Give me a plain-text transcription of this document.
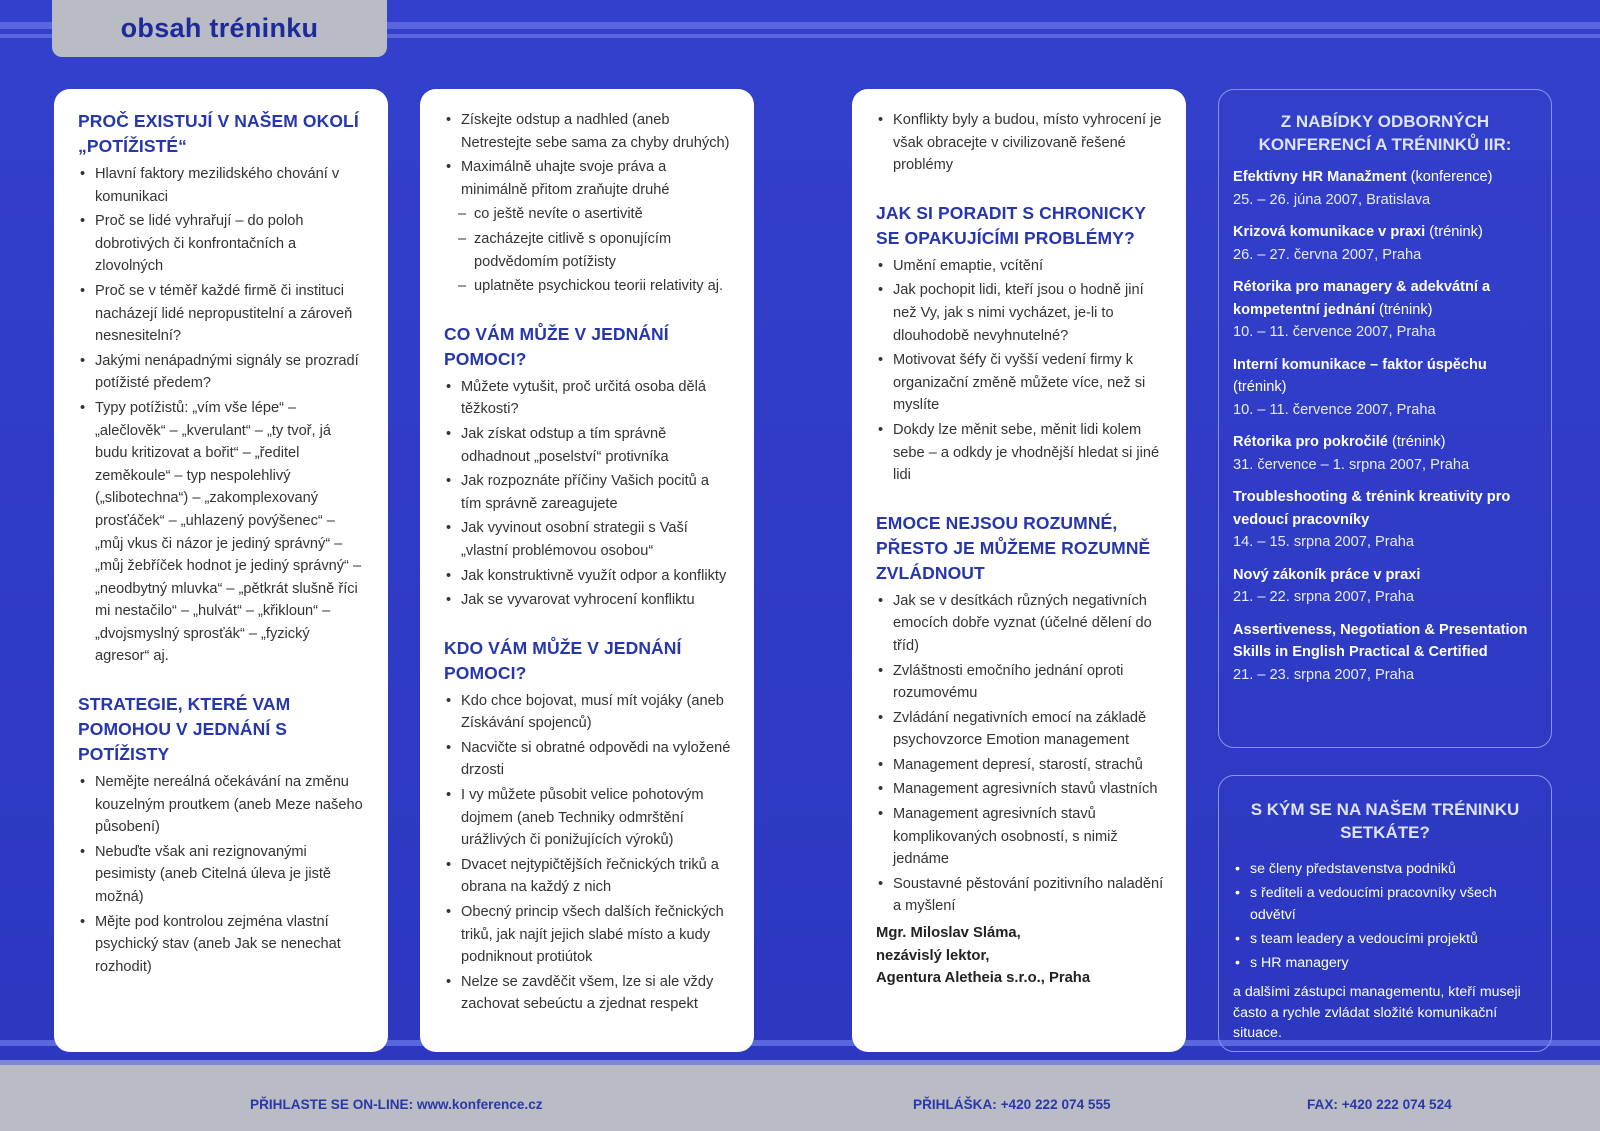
obsah tréninku
PROČ EXISTUJÍ V NAŠEM OKOLÍ „POTÍŽISTÉ“
• Hlavní faktory mezilidského chování v komunikaci
• Proč se lidé vyhrařují – do poloh dobrotivých či konfrontačních a zlovolných
• Proč se v téměř každé firmě či instituci nacházejí lidé nepropustitelní a zároveň nesnesitelní?
• Jakými nenápadnými signály se prozradí potížisté předem?
• Typy potížistů: „vím vše lépe“ – „alečlověk“ – „kverulant“ – „ty tvoř, já budu kritizovat a bořit“ – „ředitel zeměkoule“ – typ nespolehlivý („slibotechna“) – „zakomplexovaný prosťáček“ – „uhlazený povýšenec“ – „můj vkus či názor je jediný správný“ – „můj žebříček hodnot je jediný správný“ – „neodbytný mluvka“ – „pětkrát slušně říci mi nestačilo“ – „hulvát“ – „křikloun“ – „dvojsmyslný sprosťák“ – „fyzický agresor“ aj.
STRATEGIE, KTERÉ VAM POMOHOU V JEDNÁNÍ S POTÍŽISTY
• Nemějte nereálná očekávání na změnu kouzelným proutkem (aneb Meze našeho působení)
• Nebuďte však ani rezignovanými pesimisty (aneb Citelná úleva je jistě možná)
• Mějte pod kontrolou zejména vlastní psychický stav (aneb Jak se nenechat rozhodit)
• Získejte odstup a nadhled (aneb Netrestejte sebe sama za chyby druhých)
• Maximálně uhajte svoje práva a minimálně přitom zraňujte druhé
– co ještě nevíte o asertivitě
– zacházejte citlivě s oponujícím podvědomím potížisty
– uplatněte psychickou teorii relativity aj.
CO VÁM MŮŽE V JEDNÁNÍ POMOCI?
• Můžete vytušit, proč určitá osoba dělá těžkosti?
• Jak získat odstup a tím správně odhadnout „poselství“ protivníka
• Jak rozpoznáte příčiny Vašich pocitů a tím správně zareagujete
• Jak vyvinout osobní strategii s Vaší „vlastní problémovou osobou“
• Jak konstruktivně využít odpor a konflikty
• Jak se vyvarovat vyhrocení konfliktu
KDO VÁM MŮŽE V JEDNÁNÍ POMOCI?
• Kdo chce bojovat, musí mít vojáky (aneb Získávání spojenců)
• Nacvičte si obratné odpovědi na vyložené drzosti
• I vy můžete působit velice pohotovým dojmem (aneb Techniky odmrštění urážlivých či ponižujících výroků)
• Dvacet nejtypičtějších řečnických triků a obrana na každý z nich
• Obecný princip všech dalších řečnických triků, jak najít jejich slabé místo a kudy podniknout protiútok
• Nelze se zavděčit všem, lze si ale vždy zachovat sebeúctu a zjednat respekt
• Konflikty byly a budou, místo vyhrocení je však obracejte v civilizovaně řešené problémy
JAK SI PORADIT S CHRONICKY SE OPAKUJÍCÍMI PROBLÉMY?
• Umění emaptie, vcítění
• Jak pochopit lidi, kteří jsou o hodně jiní než Vy, jak s nimi vycházet, je-li to dlouhodobě nevyhnutelné?
• Motivovat šéfy či vyšší vedení firmy k organizační změně můžete více, než si myslíte
• Dokdy lze měnit sebe, měnit lidi kolem sebe – a odkdy je vhodnější hledat si jiné lidi
EMOCE NEJSOU ROZUMNÉ, PŘESTO JE MŮŽEME ROZUMNĚ ZVLÁDNOUT
• Jak se v desítkách různých negativních emocích dobře vyznat (účelné dělení do tříd)
• Zvláštnosti emočního jednání oproti rozumovému
• Zvládání negativních emocí na základě psychovzorce Emotion management
• Management depresí, starostí, strachů
• Management agresivních stavů vlastních
• Management agresivních stavů komplikovaných osobností, s nimiž jednáme
• Soustavné pěstování pozitivního naladění a myšlení
Mgr. Miloslav Sláma,
nezávislý lektor,
Agentura Aletheia s.r.o., Praha
Z NABÍDKY ODBORNÝCH KONFERENCÍ A TRÉNINKŮ IIR:
Efektívny HR Manažment (konference)
25. – 26. júna 2007, Bratislava
Krizová komunikace v praxi (trénink)
26. – 27. června 2007, Praha
Rétorika pro managery & adekvátní a kompetentní jednání (trénink)
10. – 11. července 2007, Praha
Interní komunikace – faktor úspěchu (trénink)
10. – 11. července 2007, Praha
Rétorika pro pokročilé (trénink)
31. července – 1. srpna 2007, Praha
Troubleshooting & trénink kreativity pro vedoucí pracovníky
14. – 15. srpna 2007, Praha
Nový zákoník práce v praxi
21. – 22. srpna 2007, Praha
Assertiveness, Negotiation & Presentation Skills in English Practical & Certified
21. – 23. srpna 2007, Praha
S KÝM SE NA NAŠEM TRÉNINKU SETKÁTE?
• se členy představenstva podniků
• s řediteli a vedoucími pracovníky všech odvětví
• s team leadery a vedoucími projektů
• s HR managery
a dalšími zástupci managementu, kteří museji často a rychle zvládat složité komunikační situace.
PŘIHLASTE SE ON-LINE: www.konference.cz	PŘIHLÁŠKA: +420 222 074 555	FAX: +420 222 074 524
